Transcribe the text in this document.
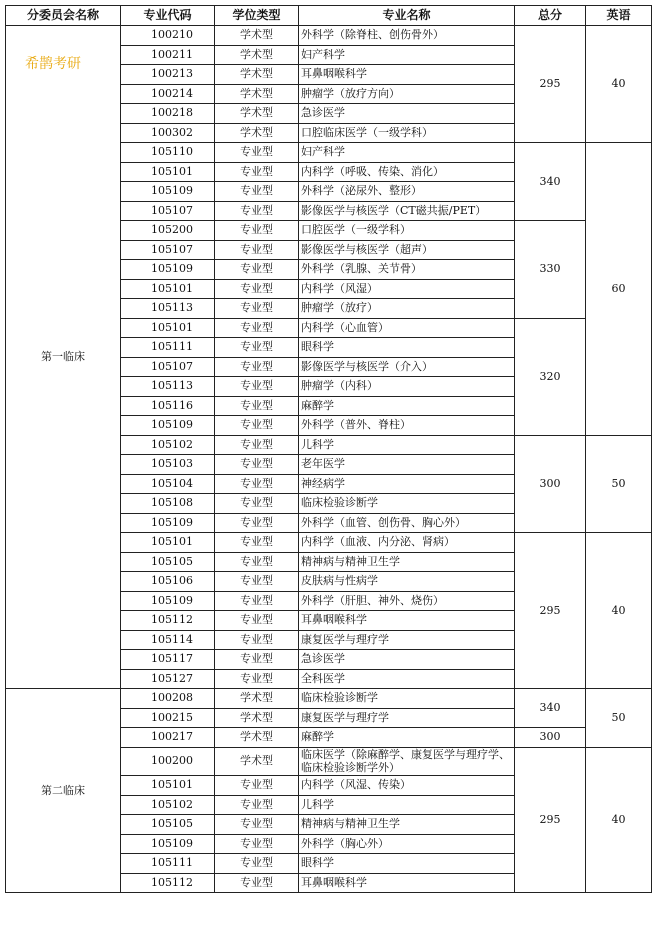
分委员会名称	专业代码	学位类型	专业名称	总分	英语
第一临床
希鹊考研	100210	学术型	外科学（除脊柱、创伤骨外）	295	40
	100211	学术型	妇产科学		
	100213	学术型	耳鼻咽喉科学		
	100214	学术型	肿瘤学（放疗方向）		
	100218	学术型	急诊医学		
	100302	学术型	口腔临床医学（一级学科）		
	105110	专业型	妇产科学	340	60
	105101	专业型	内科学（呼吸、传染、消化）		
	105109	专业型	外科学（泌尿外、整形）		
	105107	专业型	影像医学与核医学（CT磁共振/PET）		
	105200	专业型	口腔医学（一级学科）	330	
	105107	专业型	影像医学与核医学（超声）		
	105109	专业型	外科学（乳腺、关节骨）		
	105101	专业型	内科学（风湿）		
	105113	专业型	肿瘤学（放疗）		
	105101	专业型	内科学（心血管）	320	
	105111	专业型	眼科学		
	105107	专业型	影像医学与核医学（介入）		
	105113	专业型	肿瘤学（内科）		
	105116	专业型	麻醉学		
	105109	专业型	外科学（普外、脊柱）		
	105102	专业型	儿科学	300	50
	105103	专业型	老年医学		
	105104	专业型	神经病学		
	105108	专业型	临床检验诊断学		
	105109	专业型	外科学（血管、创伤骨、胸心外）		
	105101	专业型	内科学（血液、内分泌、肾病）	295	40
	105105	专业型	精神病与精神卫生学		
	105106	专业型	皮肤病与性病学		
	105109	专业型	外科学（肝胆、神外、烧伤）		
	105112	专业型	耳鼻咽喉科学		
	105114	专业型	康复医学与理疗学		
	105117	专业型	急诊医学		
	105127	专业型	全科医学		
第二临床	100208	学术型	临床检验诊断学	340	50
	100215	学术型	康复医学与理疗学		
	100217	学术型	麻醉学	300	
	100200	学术型	临床医学（除麻醉学、康复医学与理疗学、临床检验诊断学外）	295	40
	105101	专业型	内科学（风湿、传染）		
	105102	专业型	儿科学		
	105105	专业型	精神病与精神卫生学		
	105109	专业型	外科学（胸心外）		
	105111	专业型	眼科学		
	105112	专业型	耳鼻咽喉科学		
